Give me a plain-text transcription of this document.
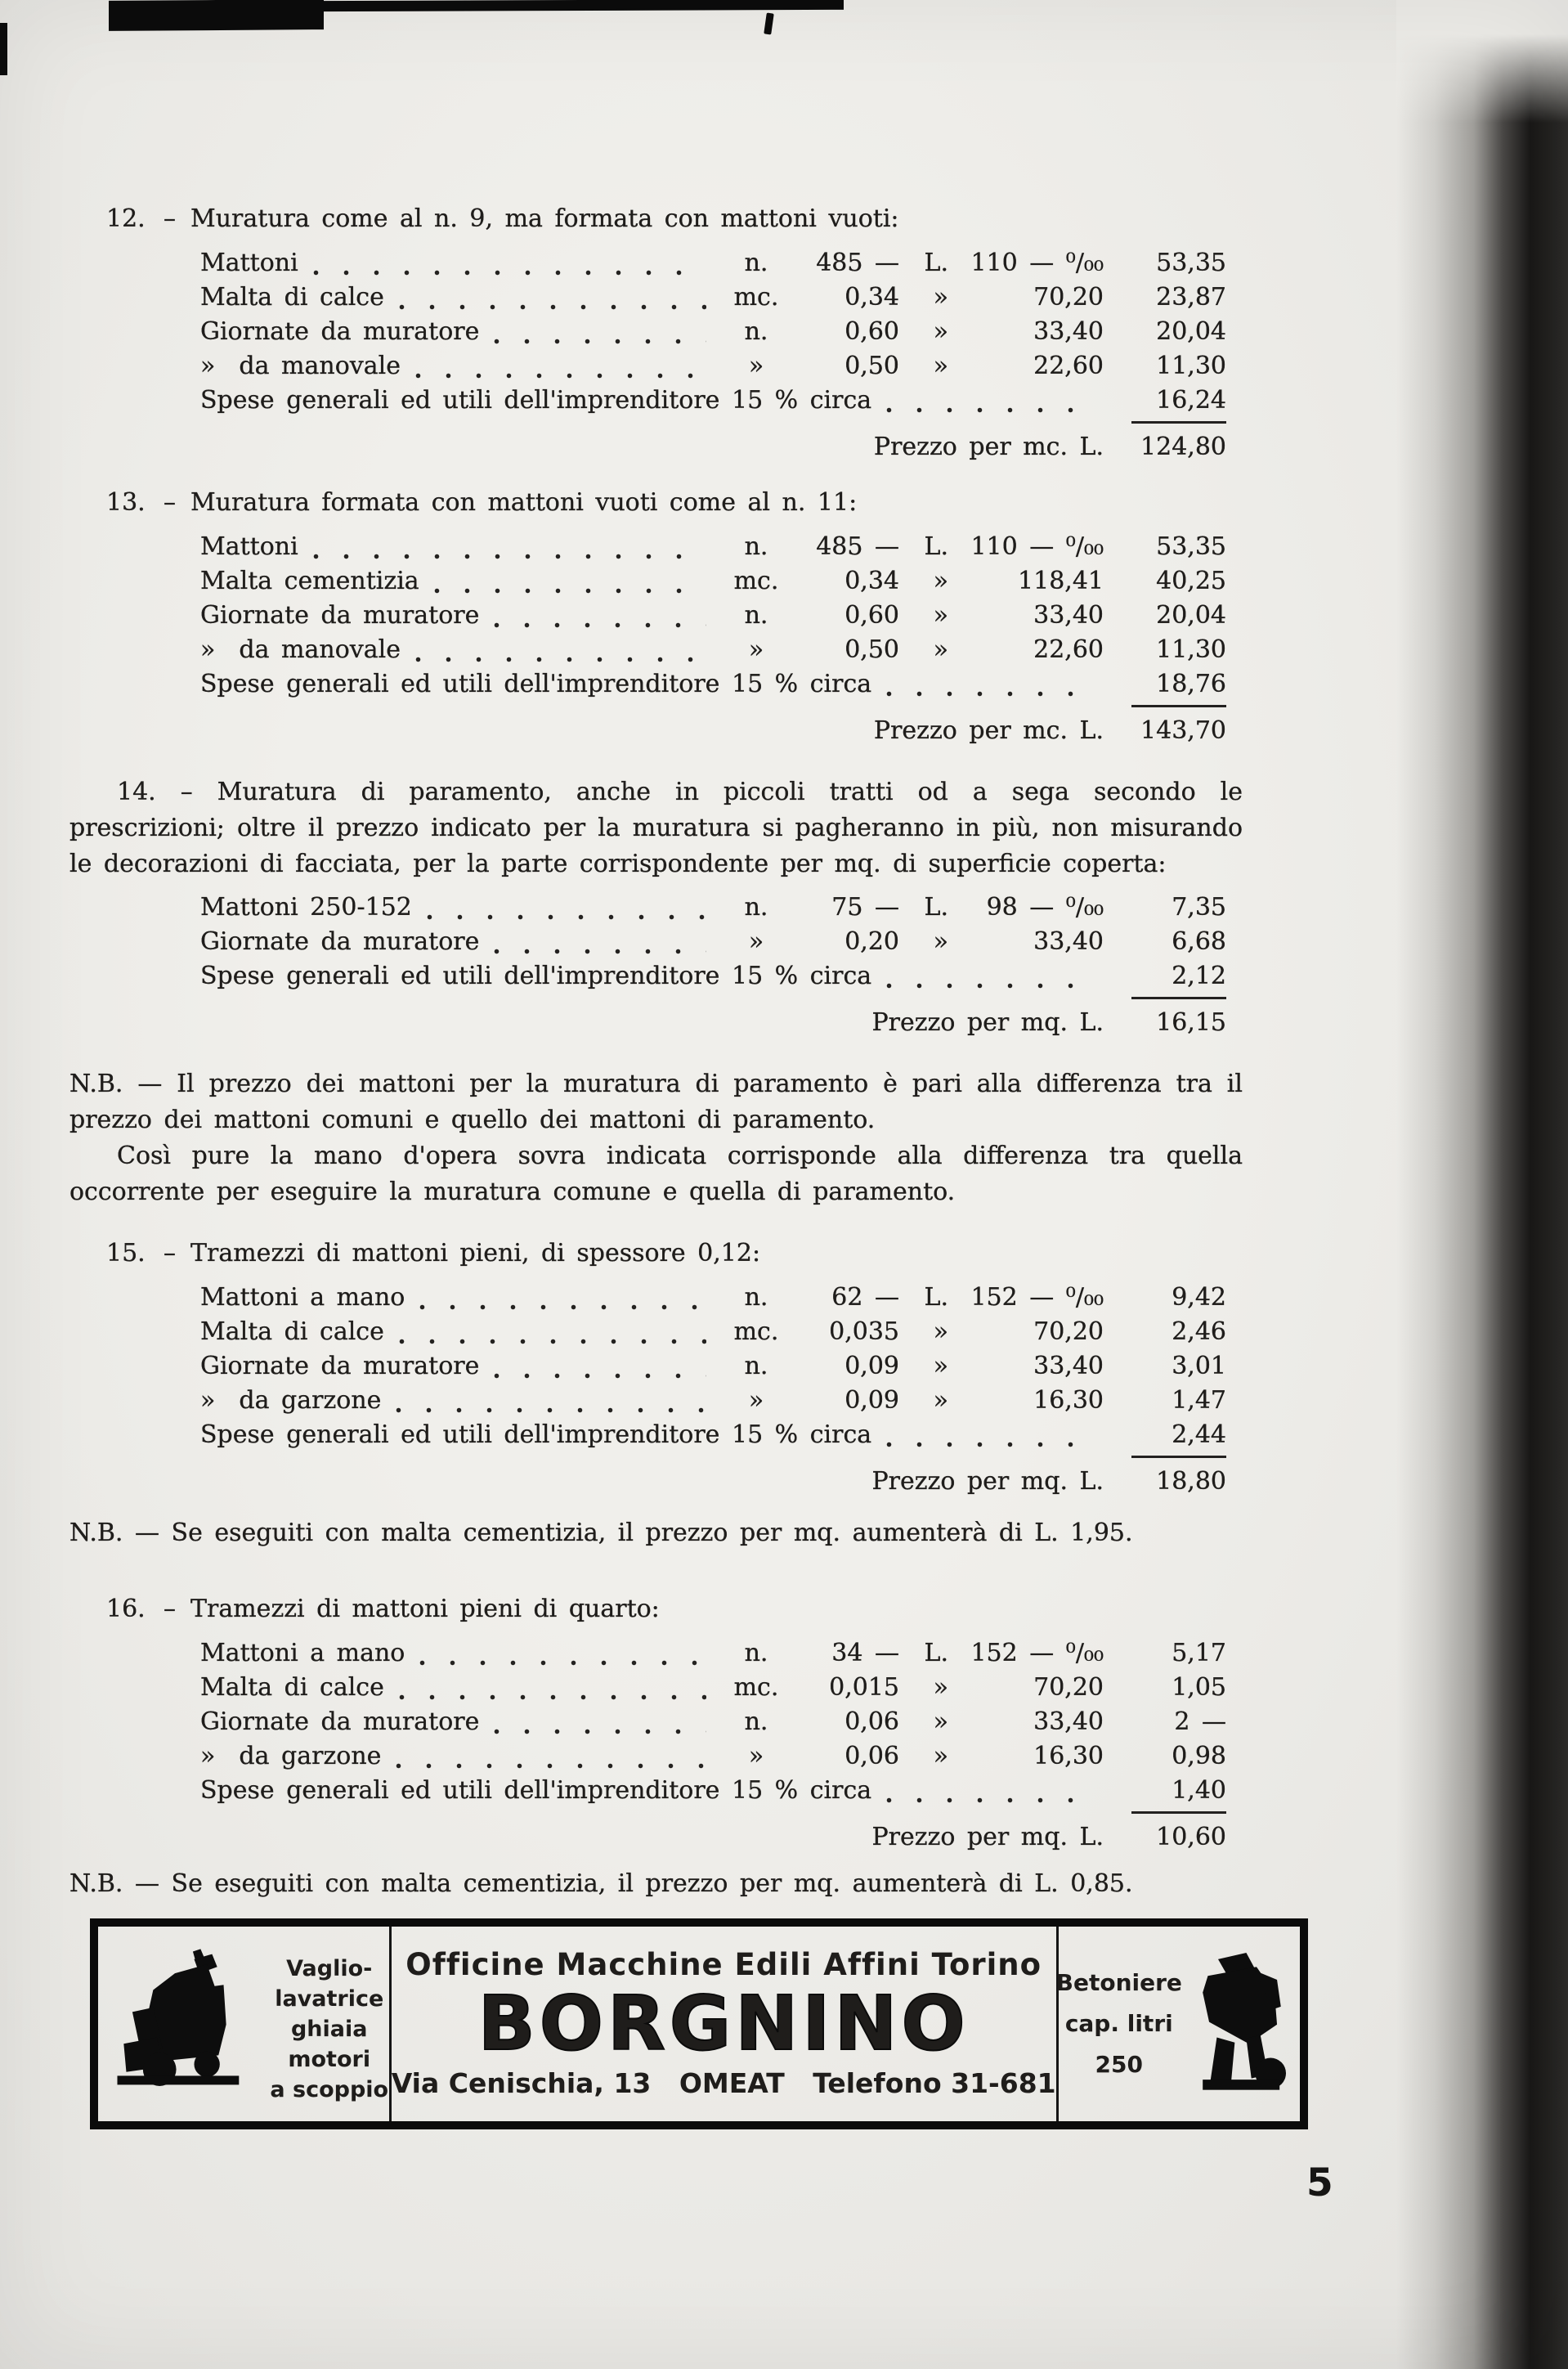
12. – Muratura come al n. 9, ma formata con mattoni vuoti:
Mattoni	n.	485 —	L. 110 — ⁰/₀₀	53,35
Malta di calce	mc.	0,34	»	70,20	23,87
Giornate da muratore	n.	0,60	»	33,40	20,04
»  da manovale	»	0,50	»	22,60	11,30
Spese generali ed utili dell'imprenditore 15 % circa	16,24
Prezzo per mc. L.	124,80
13. – Muratura formata con mattoni vuoti come al n. 11:
Mattoni	n.	485 —	L. 110 — ⁰/₀₀	53,35
Malta cementizia	mc.	0,34	»	118,41	40,25
Giornate da muratore	n.	0,60	»	33,40	20,04
»  da manovale	»	0,50	»	22,60	11,30
Spese generali ed utili dell'imprenditore 15 % circa	18,76
Prezzo per mc. L.	143,70

14. – Muratura di paramento, anche in piccoli tratti od a sega secondo le prescrizioni; oltre il prezzo indicato per la muratura si pagheranno in più, non misurando le decorazioni di facciata, per la parte corrispondente per mq. di superficie coperta:

Mattoni 250-152	n.	75 —	L.	98 — ⁰/₀₀	7,35
Giornate da muratore	»	0,20	»	33,40	6,68
Spese generali ed utili dell'imprenditore 15 % circa	2,12
Prezzo per mq. L.	16,15

N.B. — Il prezzo dei mattoni per la muratura di paramento è pari alla differenza tra il prezzo dei mattoni comuni e quello dei mattoni di paramento.

Così pure la mano d'opera sovra indicata corrisponde alla differenza tra quella occorrente per eseguire la muratura comune e quella di paramento.

15. – Tramezzi di mattoni pieni, di spessore 0,12:
Mattoni a mano	n.	62 —	L. 152 — ⁰/₀₀	9,42
Malta di calce	mc.	0,035	»	70,20	2,46
Giornate da muratore	n.	0,09	»	33,40	3,01
»  da garzone	»	0,09	»	16,30	1,47
Spese generali ed utili dell'imprenditore 15 % circa	2,44
Prezzo per mq. L.	18,80

N.B. — Se eseguiti con malta cementizia, il prezzo per mq. aumenterà di L. 1,95.

16. – Tramezzi di mattoni pieni di quarto:
Mattoni a mano	n.	34 —	L. 152 — ⁰/₀₀	5,17
Malta di calce	mc.	0,015	»	70,20	1,05
Giornate da muratore	n.	0,06	»	33,40	2 —
»  da garzone	»	0,06	»	16,30	0,98
Spese generali ed utili dell'imprenditore 15 % circa	1,40
Prezzo per mq. L.	10,60

N.B. — Se eseguiti con malta cementizia, il prezzo per mq. aumenterà di L. 0,85.

Vaglio-
lavatrice
ghiaia
motori
a scoppio
Officine Macchine Edili Affini Torino
BORGNINO
Via Cenischia, 13   OMEAT   Telefono 31-681
Betoniere
cap. litri
250
5
